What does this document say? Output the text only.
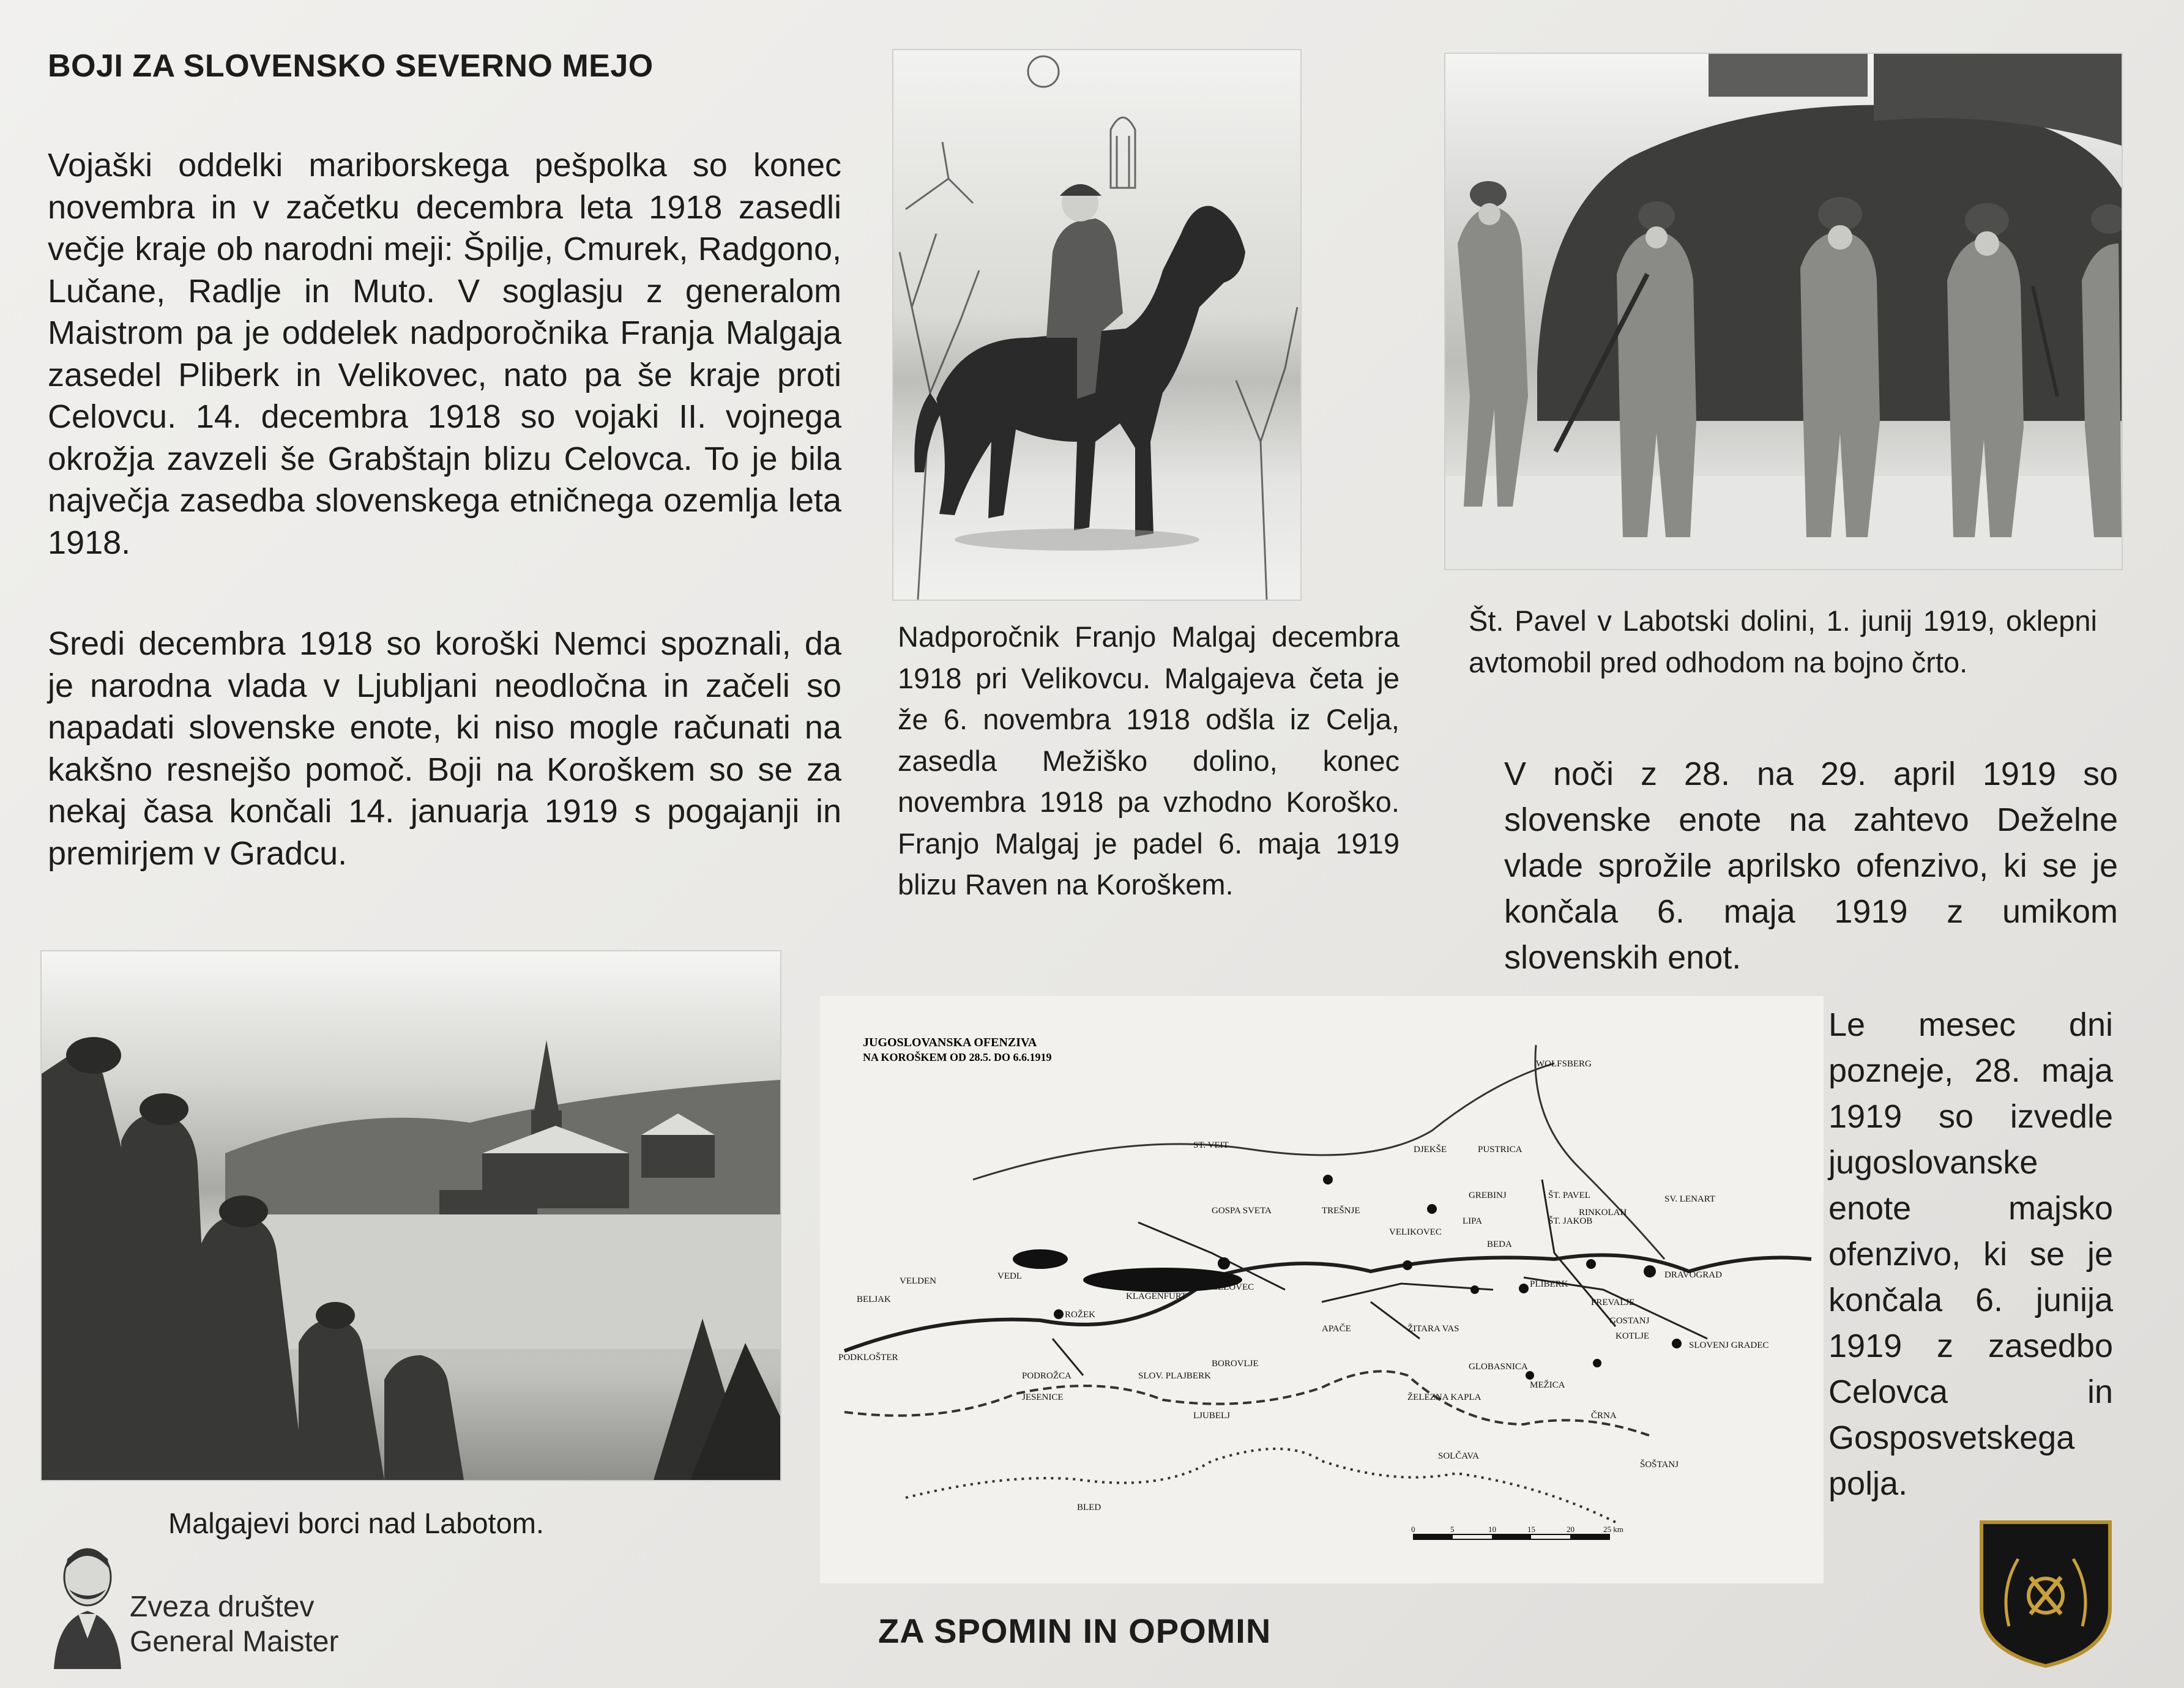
BOJI ZA SLOVENSKO SEVERNO MEJO
Vojaški oddelki mariborskega pešpolka so konec novembra in v začetku decembra leta 1918 zasedli večje kraje ob narodni meji: Špilje, Cmurek, Radgono, Lučane, Radlje in Muto. V soglasju z generalom Maistrom pa je oddelek nadporočnika Franja Malgaja zasedel Pliberk in Velikovec, nato pa še kraje proti Celovcu. 14. decembra 1918 so vojaki II. vojnega okrožja zavzeli še Grabštajn blizu Celovca. To je bila največja zasedba slovenskega etničnega ozemlja leta 1918.
Sredi decembra 1918 so koroški Nemci spoznali, da je narodna vlada v Ljubljani neodločna in začeli so napadati slovenske enote, ki niso mogle računati na kakšno resnejšo pomoč. Boji na Koroškem so se za nekaj časa končali 14. januarja 1919 s pogajanji in premirjem v Gradcu.
Nadporočnik Franjo Malgaj decembra 1918 pri Velikovcu. Malgajeva četa je že 6. novembra 1918 odšla iz Celja, zasedla Mežiško dolino, konec novembra 1918 pa vzhodno Koroško. Franjo Malgaj je padel 6. maja 1919 blizu Raven na Koroškem.
Št. Pavel v Labotski dolini, 1. junij 1919, oklepni avtomobil pred odhodom na bojno črto.
V noči z 28. na 29. april 1919 so slovenske enote na zahtevo Deželne vlade sprožile aprilsko ofenzivo, ki se je končala 6. maja 1919 z umikom slovenskih enot.
Le mesec dni pozneje, 28. maja 1919 so izvedle jugoslovanske enote majsko ofenzivo, ki se je končala 6. junija 1919 z zasedbo Celovca in Gosposvetskega polja.
Malgajevi borci nad Labotom.
JUGOSLOVANSKA OFENZIVA
NA KOROŠKEM OD 28.5. DO 6.6.1919
WOLFSBERG
ST. VEIT	DJEKŠE	PUSTRICA
ŠT. PAVEL	SV. LENART
GOSPA SVETA	TREŠNJE
VELIKOVEC
LIPA
BEDA
ŠT. JAKOB
RINKOLAH
PLIBERK
PREVALJE
DRAVOGRAD
GOSTANJ
KOTLJE
SLOVENJ GRADEC
BELJAK
VEDL
ROŽEK
PODKLOŠTER
PODROŽCA	SLOV. PLAJBERK
BOROVLJE
APAČE	ŽITARA VAS
GLOBASNICA
MEŽICA
ČRNA
ŽELEZNA KAPLA
SOLČAVA
ŠOŠTANJ
JESENICE
BLED
LJUBELJ
CELOVEC
KLAGENFURT
VELDEN
GREBINJ
0	5	10	15	20	25 km
ZA SPOMIN IN OPOMIN
Zveza društev
General Maister
